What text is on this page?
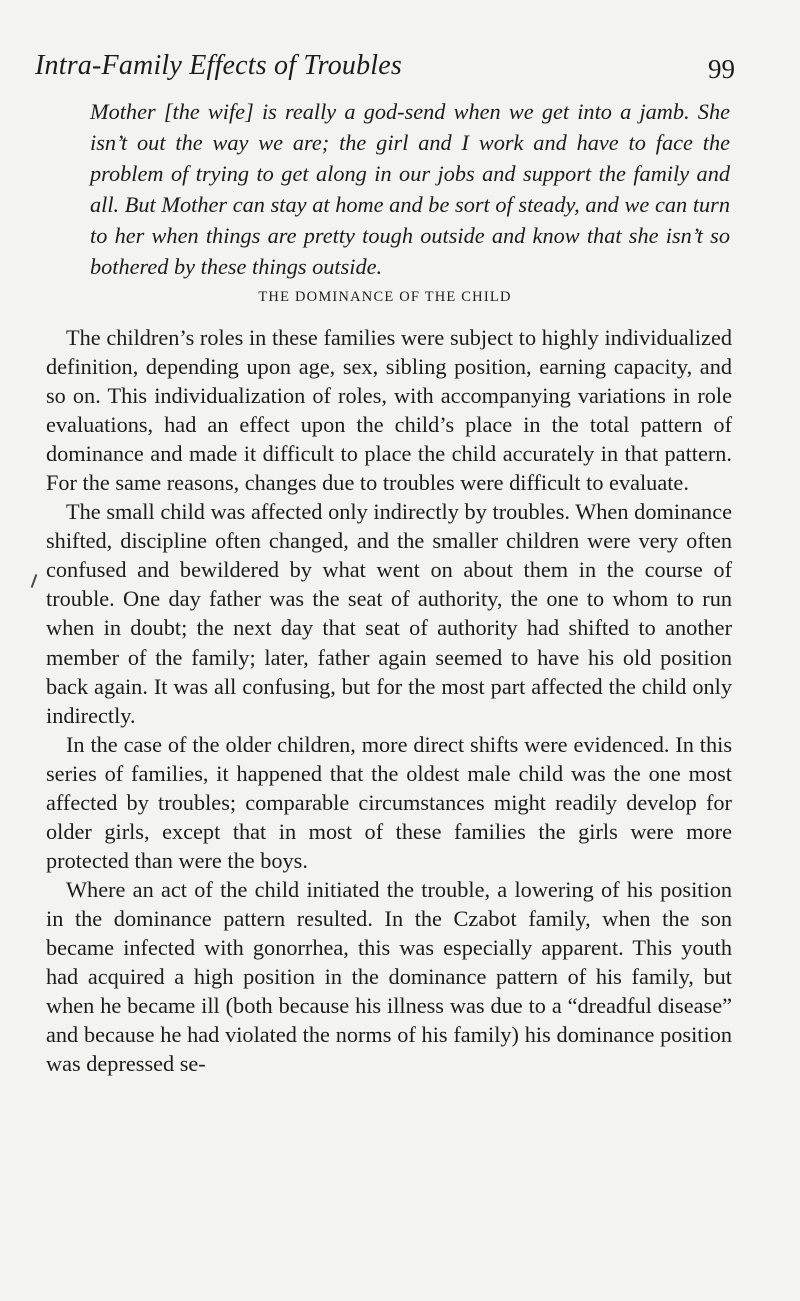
Intra-Family Effects of Troubles	99
Mother [the wife] is really a god-send when we get into a jamb. She isn’t out the way we are; the girl and I work and have to face the problem of trying to get along in our jobs and support the family and all. But Mother can stay at home and be sort of steady, and we can turn to her when things are pretty tough outside and know that she isn’t so bothered by these things outside.
THE DOMINANCE OF THE CHILD

The children’s roles in these families were subject to highly individualized definition, depending upon age, sex, sibling position, earning capacity, and so on. This individualization of roles, with accompanying variations in role evaluations, had an effect upon the child’s place in the total pattern of dominance and made it difficult to place the child accurately in that pattern. For the same reasons, changes due to troubles were difficult to evaluate.

The small child was affected only indirectly by troubles. When dominance shifted, discipline often changed, and the smaller children were very often confused and bewildered by what went on about them in the course of trouble. One day father was the seat of authority, the one to whom to run when in doubt; the next day that seat of authority had shifted to another member of the family; later, father again seemed to have his old position back again. It was all confusing, but for the most part affected the child only indirectly.

In the case of the older children, more direct shifts were evidenced. In this series of families, it happened that the oldest male child was the one most affected by troubles; comparable circumstances might readily develop for older girls, except that in most of these families the girls were more protected than were the boys.

Where an act of the child initiated the trouble, a lowering of his position in the dominance pattern resulted. In the Czabot family, when the son became infected with gonorrhea, this was especially apparent. This youth had acquired a high position in the dominance pattern of his family, but when he became ill (both because his illness was due to a “dreadful disease” and because he had violated the norms of his family) his dominance position was depressed se-
